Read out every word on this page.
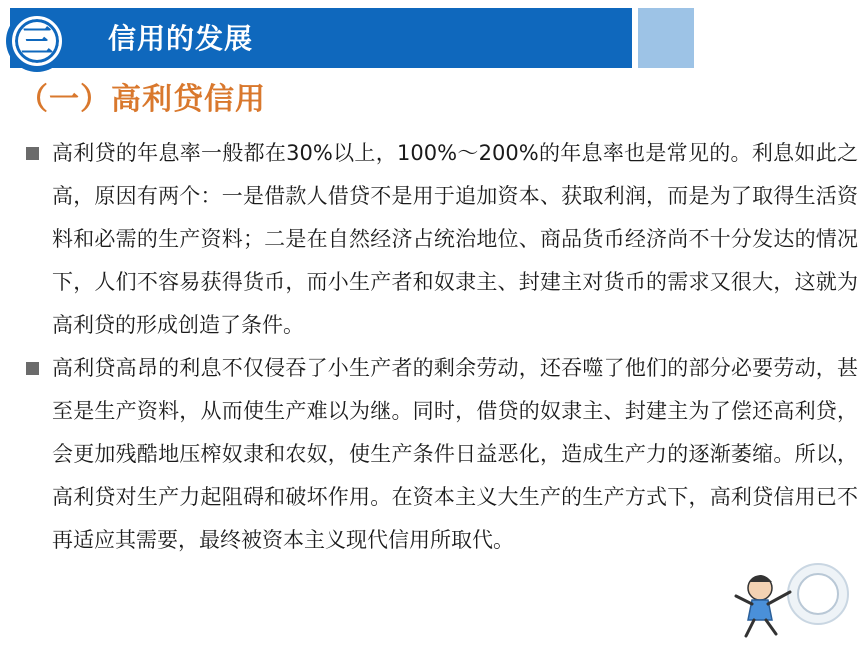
三	信用的发展
（一）高利贷信用
高利贷的年息率一般都在30%以上，100%～200%的年息率也是常见的。利息如此之高，原因有两个：一是借款人借贷不是用于追加资本、获取利润，而是为了取得生活资料和必需的生产资料；二是在自然经济占统治地位、商品货币经济尚不十分发达的情况下，人们不容易获得货币，而小生产者和奴隶主、封建主对货币的需求又很大，这就为高利贷的形成创造了条件。
高利贷高昂的利息不仅侵吞了小生产者的剩余劳动，还吞噬了他们的部分必要劳动，甚至是生产资料，从而使生产难以为继。同时，借贷的奴隶主、封建主为了偿还高利贷，会更加残酷地压榨奴隶和农奴，使生产条件日益恶化，造成生产力的逐渐萎缩。所以，高利贷对生产力起阻碍和破坏作用。在资本主义大生产的生产方式下，高利贷信用已不再适应其需要，最终被资本主义现代信用所取代。
